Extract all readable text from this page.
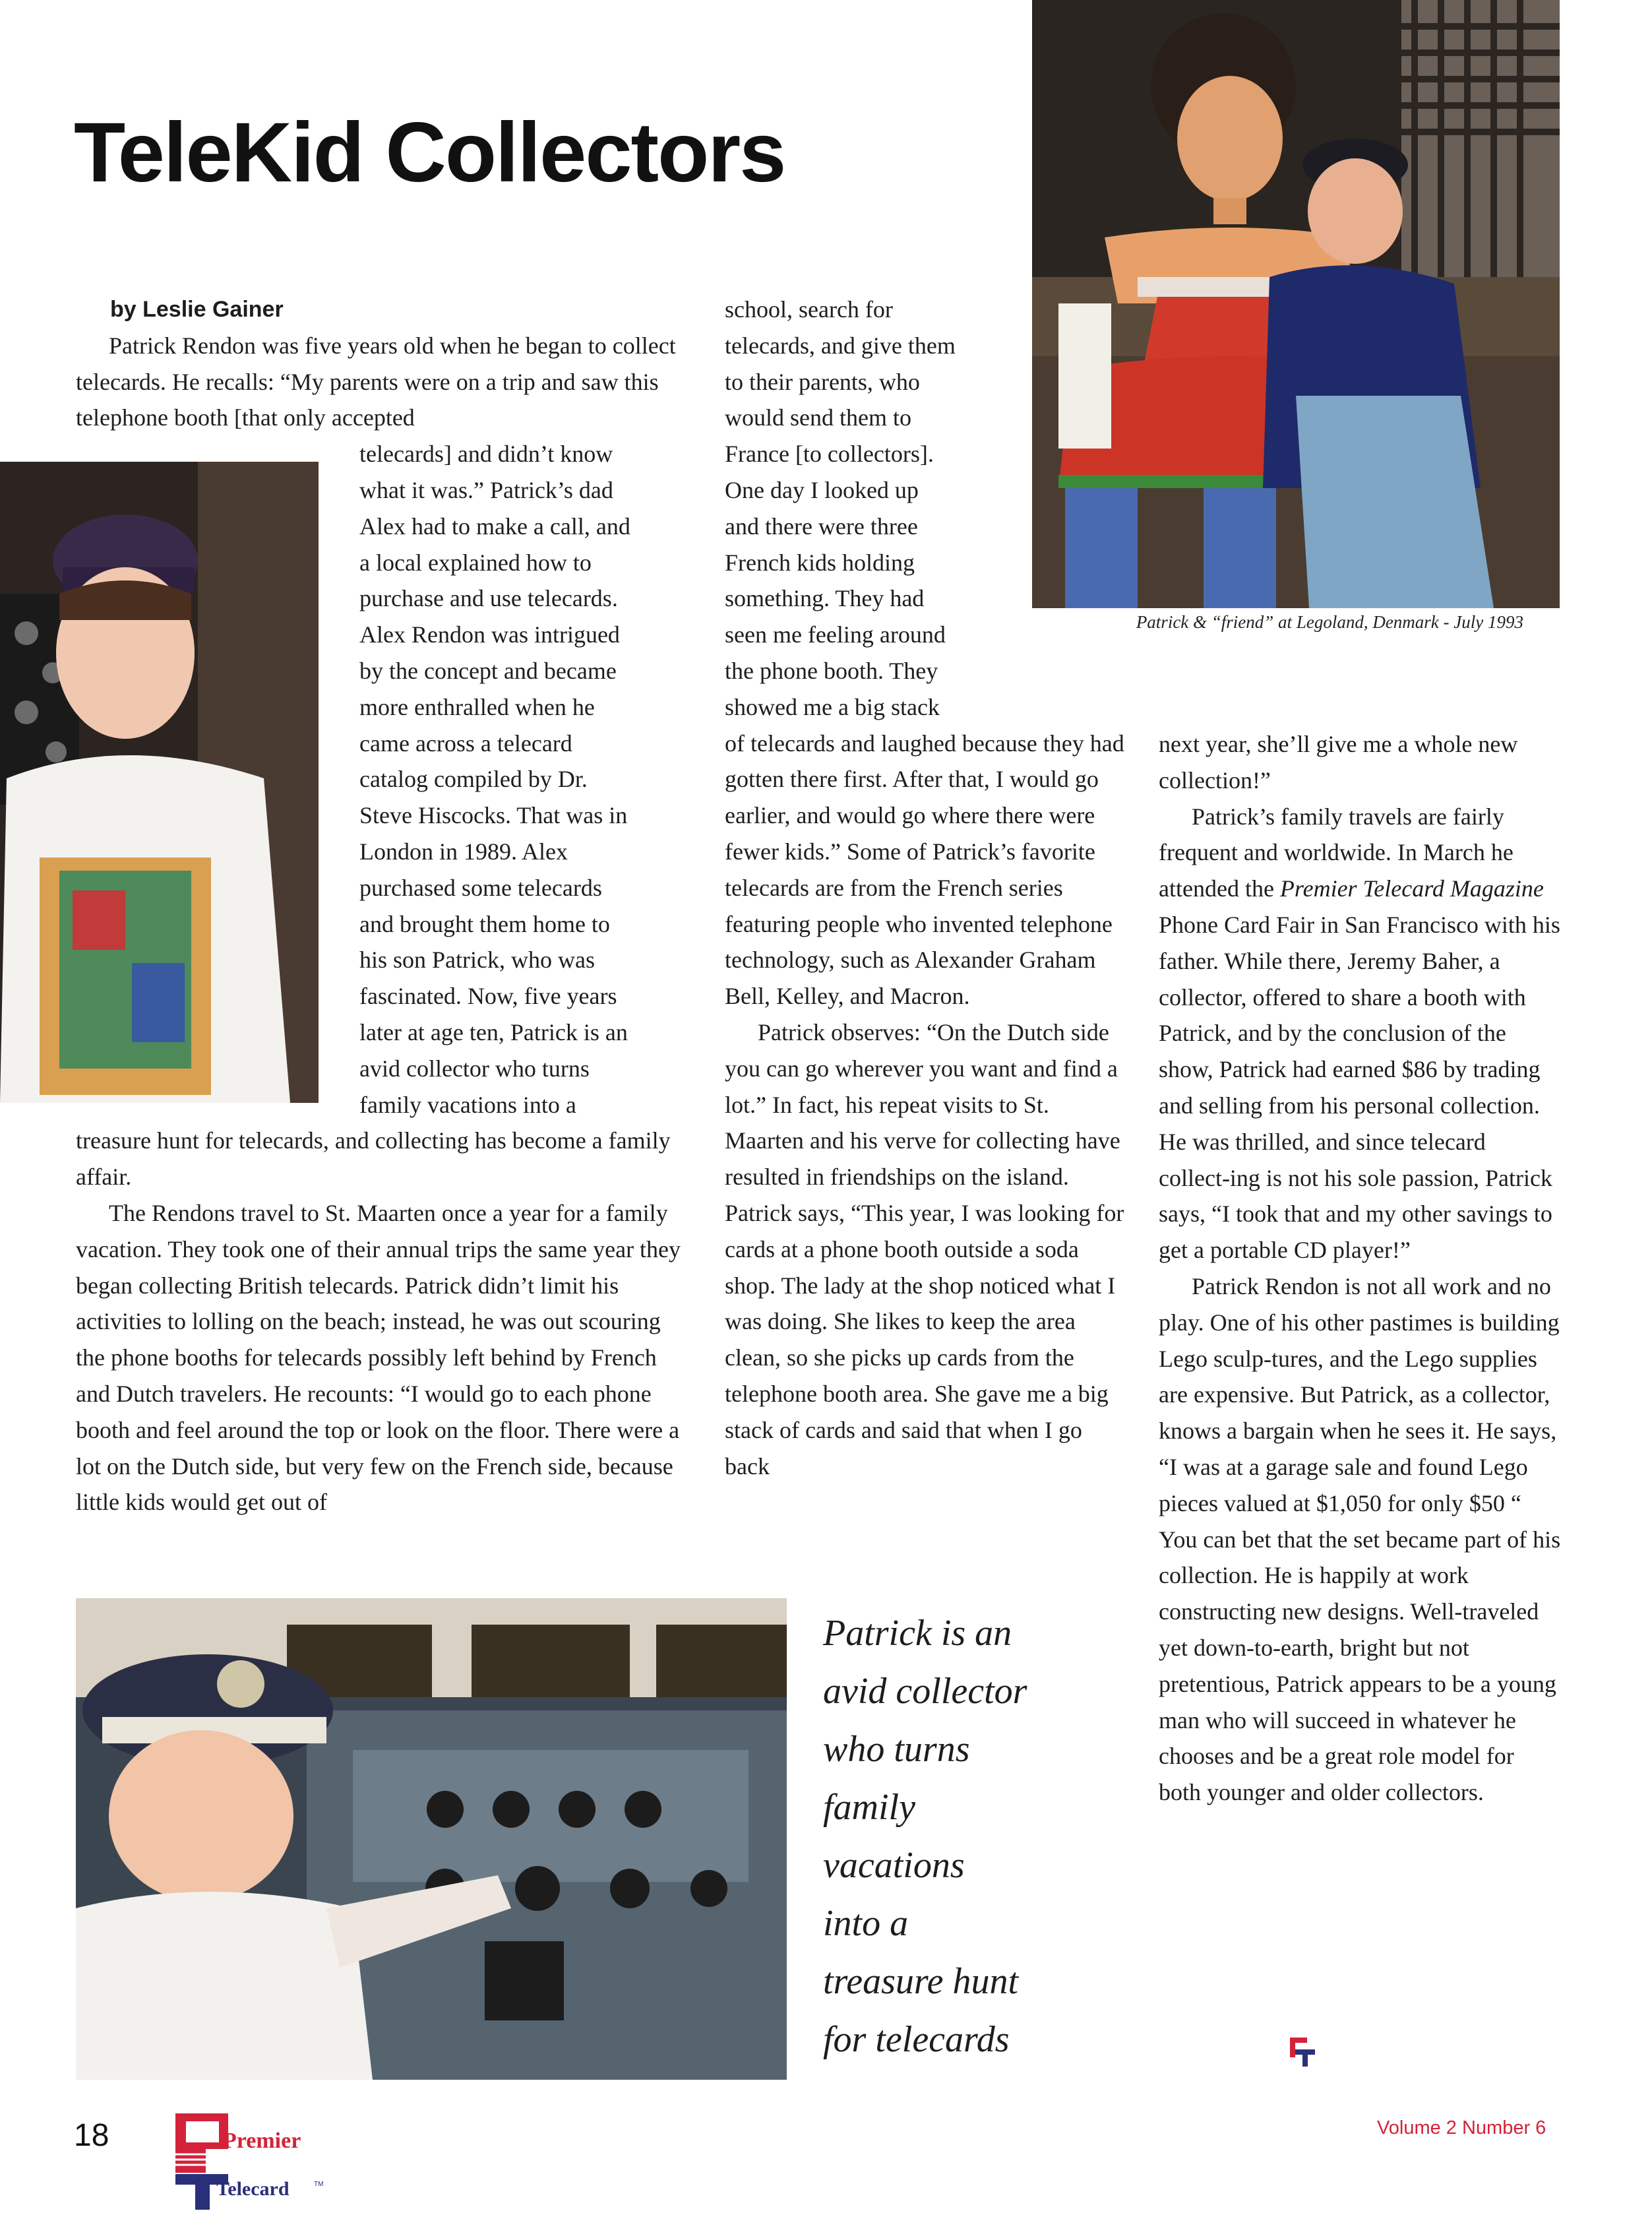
TeleKid Collectors
Patrick & “friend” at Legoland, Denmark - July 1993
by Leslie Gainer

Patrick Rendon was five years old when he began to collect telecards. He recalls: “My parents were on a trip and saw this telephone booth [that only accepted

telecards] and didn’t know
what it was.” Patrick’s dad
Alex had to make a call, and
a local explained how to
purchase and use telecards.
Alex Rendon was intrigued
by the concept and became
more enthralled when he
came across a telecard
catalog compiled by Dr.
Steve Hiscocks. That was in
London in 1989. Alex
purchased some telecards
and brought them home to
his son Patrick, who was
fascinated. Now, five years
later at age ten, Patrick is an
avid collector who turns
family vacations into a

treasure hunt for telecards, and collecting has become a family affair.

The Rendons travel to St. Maarten once a year for a family vacation. They took one of their annual trips the same year they began collecting British telecards. Patrick didn’t limit his activities to lolling on the beach; instead, he was out scouring the phone booths for telecards possibly left behind by French and Dutch travelers. He recounts: “I would go to each phone booth and feel around the top or look on the floor. There were a lot on the Dutch side, but very few on the French side, because little kids would get out of

school, search for
telecards, and give them
to their parents, who
would send them to
France [to collectors].
One day I looked up
and there were three
French kids holding
something. They had
seen me feeling around
the phone booth. They
showed me a big stack

of telecards and laughed because they had gotten there first. After that, I would go earlier, and would go where there were fewer kids.” Some of Patrick’s favorite telecards are from the French series featuring people who invented telephone technology, such as Alexander Graham Bell, Kelley, and Macron.

Patrick observes: “On the Dutch side you can go wherever you want and find a lot.” In fact, his repeat visits to St. Maarten and his verve for collecting have resulted in friendships on the island. Patrick says, “This year, I was looking for cards at a phone booth outside a soda shop. The lady at the shop noticed what I was doing. She likes to keep the area clean, so she picks up cards from the telephone booth area. She gave me a big stack of cards and said that when I go back

next year, she’ll give me a whole new collection!”

Patrick’s family travels are fairly frequent and worldwide. In March he attended the Premier Telecard Magazine Phone Card Fair in San Francisco with his father. While there, Jeremy Baher, a collector, offered to share a booth with Patrick, and by the conclusion of the show, Patrick had earned $86 by trading and selling from his personal collection. He was thrilled, and since telecard collect-ing is not his sole passion, Patrick says, “I took that and my other savings to get a portable CD player!”

Patrick Rendon is not all work and no play. One of his other pastimes is building Lego sculp-tures, and the Lego supplies are expensive. But Patrick, as a collector, knows a bargain when he sees it. He says, “I was at a garage sale and found Lego pieces valued at $1,050 for only $50 “ You can bet that the set became part of his collection. He is happily at work constructing new designs. Well-traveled yet down-to-earth, bright but not pretentious, Patrick appears to be a young man who will succeed in whatever he chooses and be a great role model for both younger and older collectors.

Patrick is an

avid collector

who turns

family

vacations

into a

treasure hunt

for telecards

18	Premier
Telecard	TM
Volume 2 Number 6
